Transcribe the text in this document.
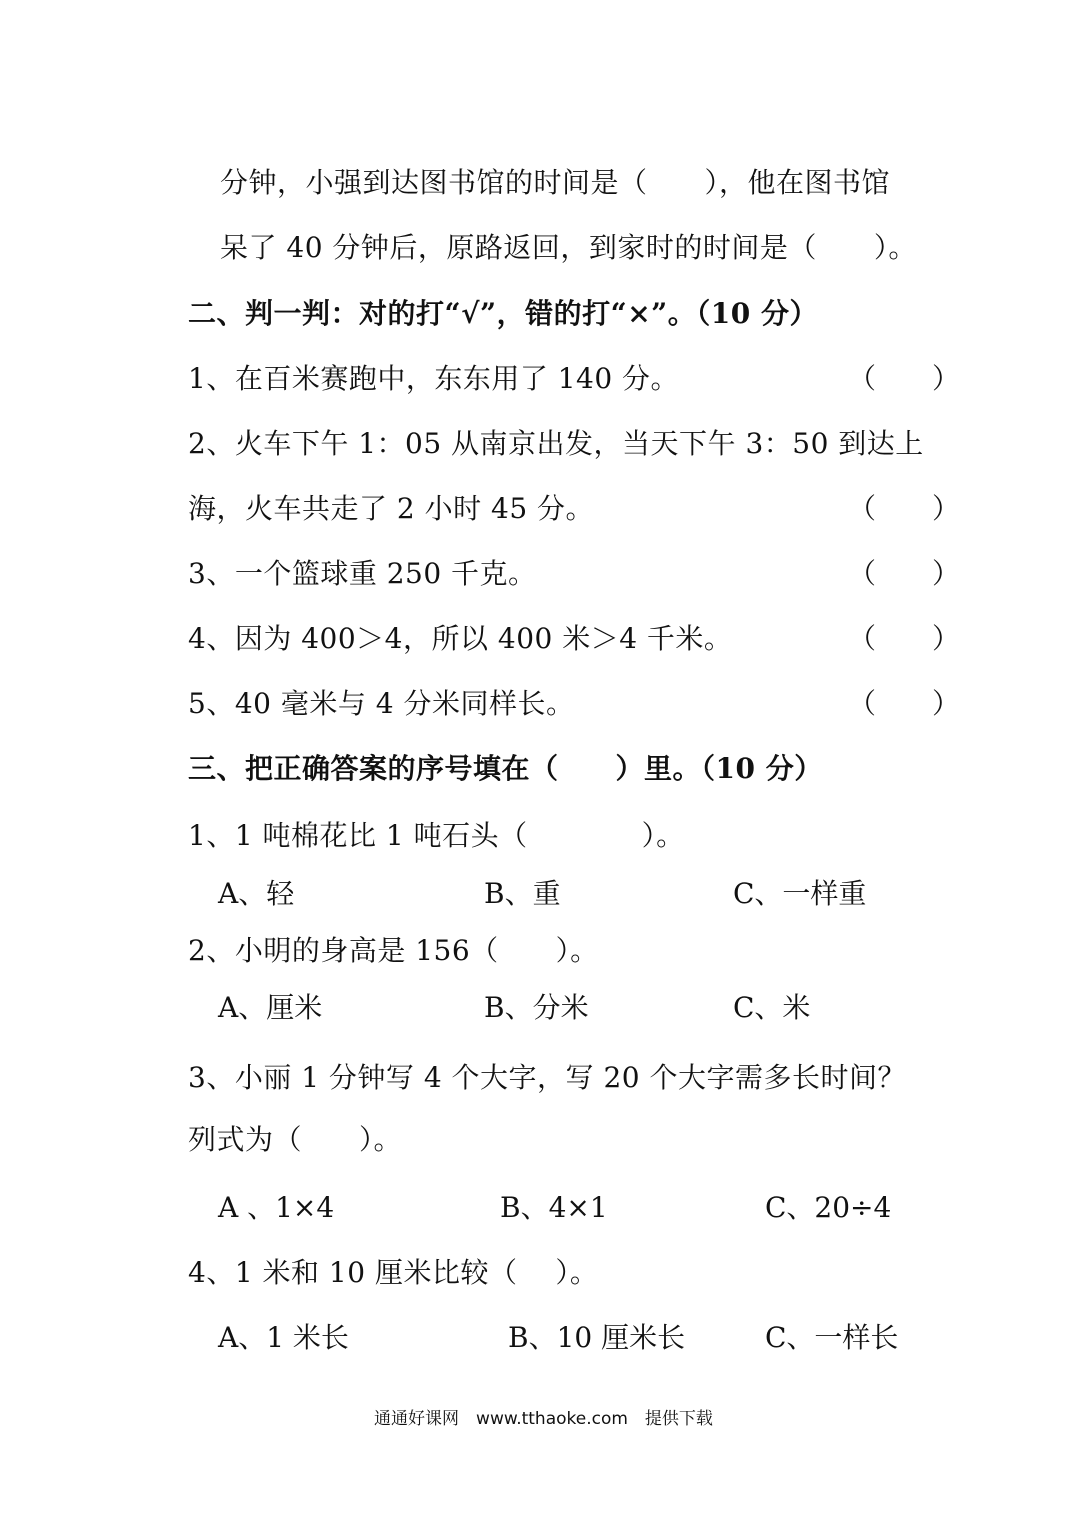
分钟，小强到达图书馆的时间是（　　），他在图书馆
呆了 40 分钟后，原路返回，到家时的时间是（　　）。
二、判一判：对的打“√”，错的打“×”。（10 分）
1、在百米赛跑中，东东用了 140 分。	（　　）
2、火车下午 1：05 从南京出发，当天下午 3：50 到达上
海，火车共走了 2 小时 45 分。	（　　）
3、一个篮球重 250 千克。	（　　）
4、因为 400＞4，所以 400 米＞4 千米。	（　　）
5、40 毫米与 4 分米同样长。	（　　）
三、把正确答案的序号填在（　　）里。（10 分）
1、1 吨棉花比 1 吨石头（　　　　）。
A、轻	B、重	C、一样重
2、小明的身高是 156（　　）。
A、厘米	B、分米	C、米
3、小丽 1 分钟写 4 个大字，写 20 个大字需多长时间？
列式为（　　）。
A 、1×4	B、4×1	C、20÷4
4、1 米和 10 厘米比较（　 ）。
A、1 米长	B、10 厘米长	C、一样长
通通好课网　www.tthaoke.com　提供下载
